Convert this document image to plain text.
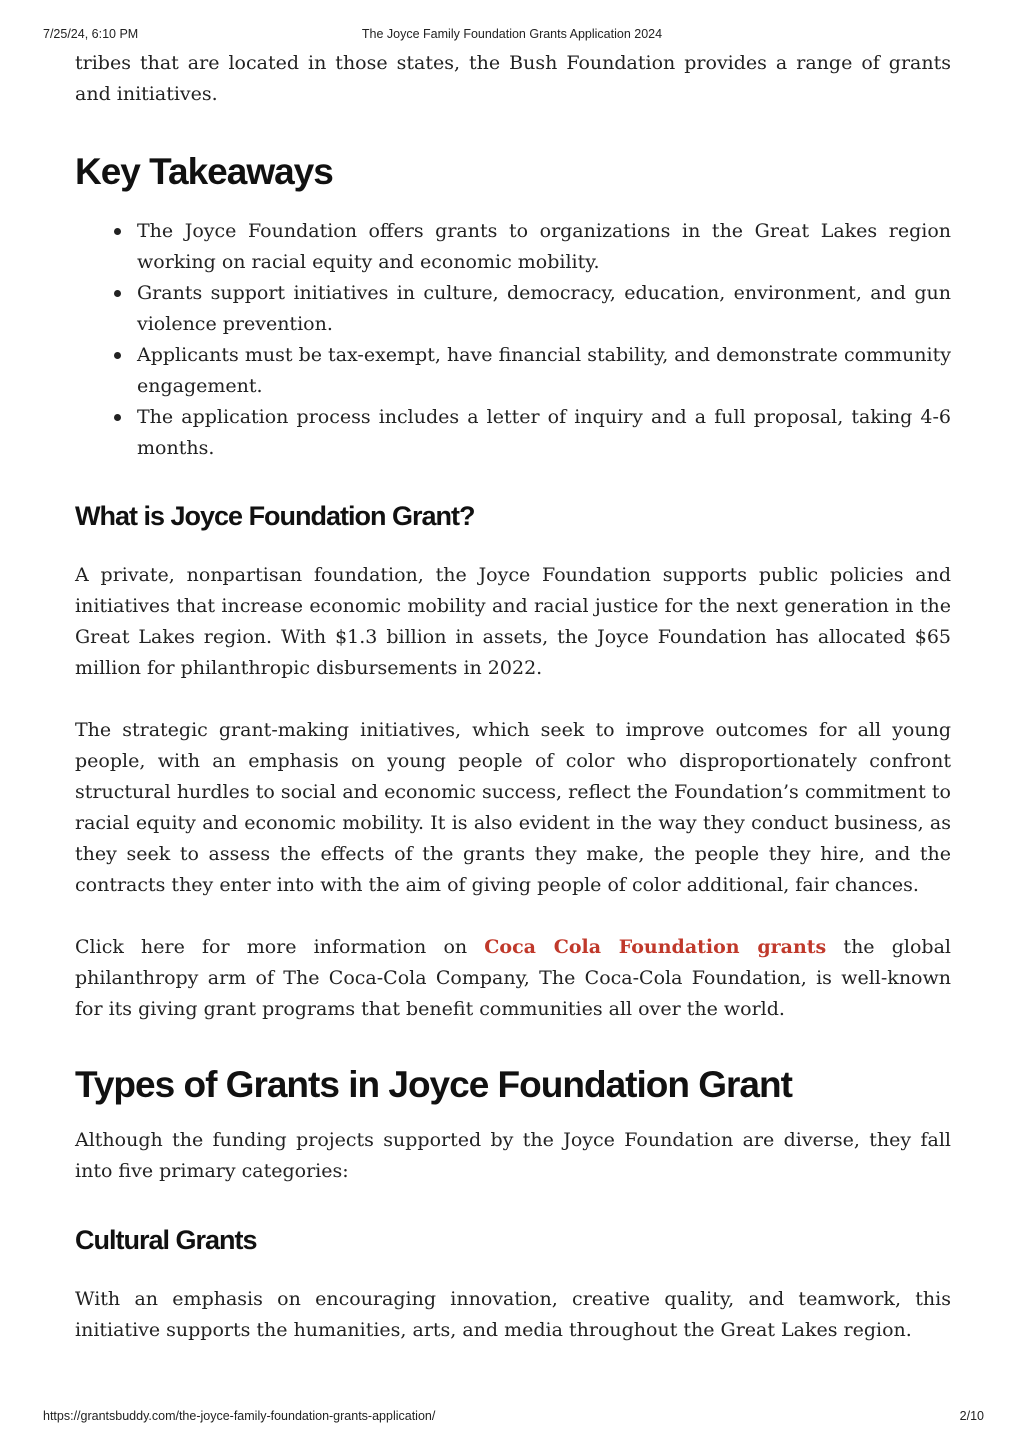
7/25/24, 6:10 PM	The Joyce Family Foundation Grants Application 2024

tribes that are located in those states, the Bush Foundation provides a range of grants and initiatives.

Key Takeaways
The Joyce Foundation offers grants to organizations in the Great Lakes region working on racial equity and economic mobility.
Grants support initiatives in culture, democracy, education, environment, and gun violence prevention.
Applicants must be tax-exempt, have financial stability, and demonstrate community engagement.
The application process includes a letter of inquiry and a full proposal, taking 4-6 months.
What is Joyce Foundation Grant?

A private, nonpartisan foundation, the Joyce Foundation supports public policies and initiatives that increase economic mobility and racial justice for the next generation in the Great Lakes region. With $1.3 billion in assets, the Joyce Foundation has allocated $65 million for philanthropic disbursements in 2022.

The strategic grant-making initiatives, which seek to improve outcomes for all young people, with an emphasis on young people of color who disproportionately confront structural hurdles to social and economic success, reflect the Foundation’s commitment to racial equity and economic mobility. It is also evident in the way they conduct business, as they seek to assess the effects of the grants they make, the people they hire, and the contracts they enter into with the aim of giving people of color additional, fair chances.

Click here for more information on Coca Cola Foundation grants the global philanthropy arm of The Coca-Cola Company, The Coca-Cola Foundation, is well-known for its giving grant programs that benefit communities all over the world.

Types of Grants in Joyce Foundation Grant

Although the funding projects supported by the Joyce Foundation are diverse, they fall into five primary categories:

Cultural Grants

With an emphasis on encouraging innovation, creative quality, and teamwork, this initiative supports the humanities, arts, and media throughout the Great Lakes region.

https://grantsbuddy.com/the-joyce-family-foundation-grants-application/	2/10
